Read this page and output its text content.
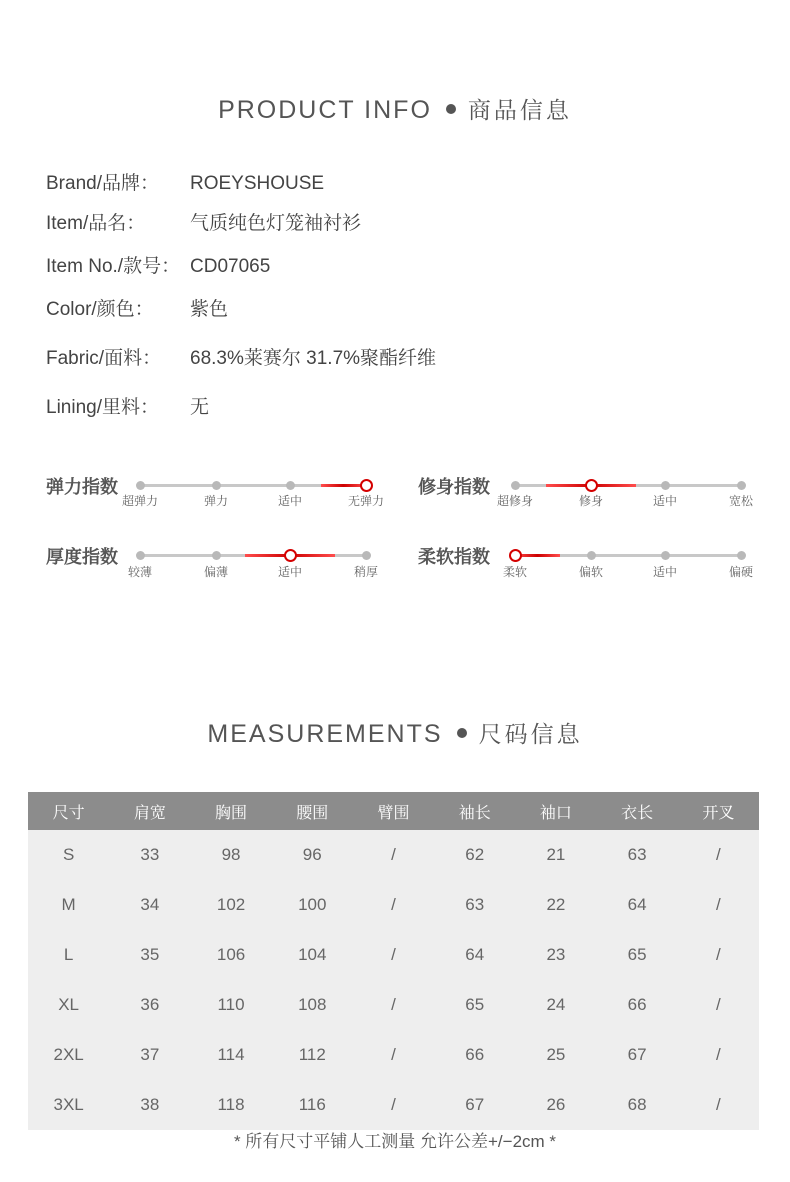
PRODUCT INFO 商品信息
Brand/品牌： ROEYSHOUSE
Item/品名： 气质纯色灯笼袖衬衫
Item No./款号： CD07065
Color/颜色： 紫色
Fabric/面料： 68.3%莱赛尔 31.7%聚酯纤维
Lining/里料： 无
弹力指数
超弹力	弹力	适中	无弹力
修身指数
超修身	修身	适中	宽松
厚度指数
较薄	偏薄	适中	稍厚
柔软指数
柔软	偏软	适中	偏硬
MEASUREMENTS 尺码信息
尺寸	肩宽	胸围	腰围	臂围	袖长	袖口	衣长	开叉
S	33	98	96	/	62	21	63	/
M	34	102	100	/	63	22	64	/
L	35	106	104	/	64	23	65	/
XL	36	110	108	/	65	24	66	/
2XL	37	114	112	/	66	25	67	/
3XL	38	118	116	/	67	26	68	/
* 所有尺寸平铺人工测量 允许公差+/−2cm *
